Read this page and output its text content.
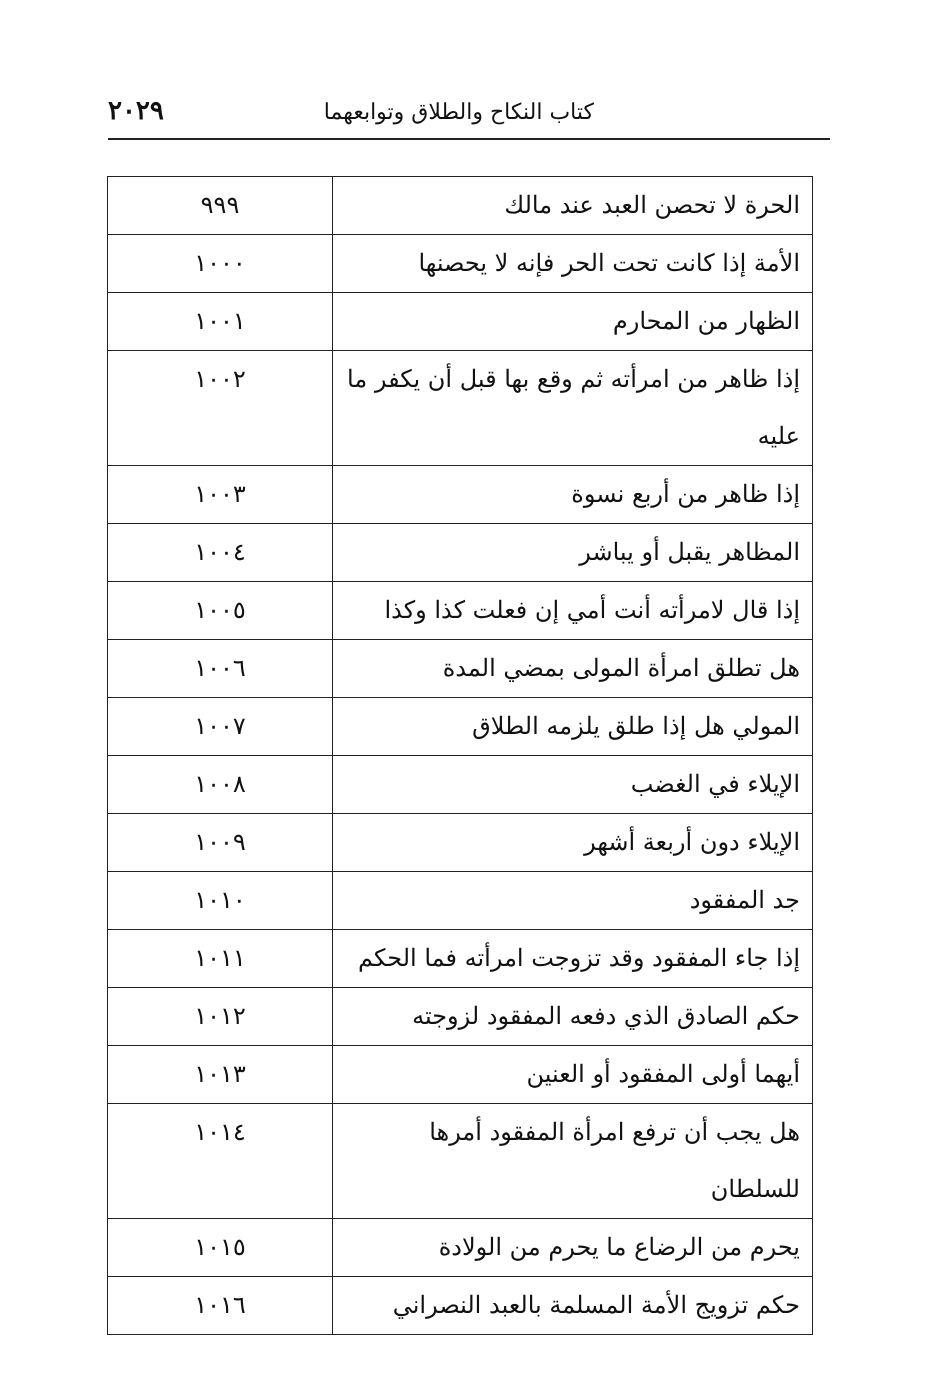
كتاب النكاح والطلاق وتوابعهما
٢٠٢٩
الحرة لا تحصن العبد عند مالك	٩٩٩
الأمة إذا كانت تحت الحر فإنه لا يحصنها	١٠٠٠
الظهار من المحارم	١٠٠١
إذا ظاهر من امرأته ثم وقع بها قبل أن يكفر ما عليه	١٠٠٢
إذا ظاهر من أربع نسوة	١٠٠٣
المظاهر يقبل أو يباشر	١٠٠٤
إذا قال لامرأته أنت أمي إن فعلت كذا وكذا	١٠٠٥
هل تطلق امرأة المولى بمضي المدة	١٠٠٦
المولي هل إذا طلق يلزمه الطلاق	١٠٠٧
الإيلاء في الغضب	١٠٠٨
الإيلاء دون أربعة أشهر	١٠٠٩
جد المفقود	١٠١٠
إذا جاء المفقود وقد تزوجت امرأته فما الحكم	١٠١١
حكم الصادق الذي دفعه المفقود لزوجته	١٠١٢
أيهما أولى المفقود أو العنين	١٠١٣
هل يجب أن ترفع امرأة المفقود أمرها للسلطان	١٠١٤
يحرم من الرضاع ما يحرم من الولادة	١٠١٥
حكم تزويج الأمة المسلمة بالعبد النصراني	١٠١٦
